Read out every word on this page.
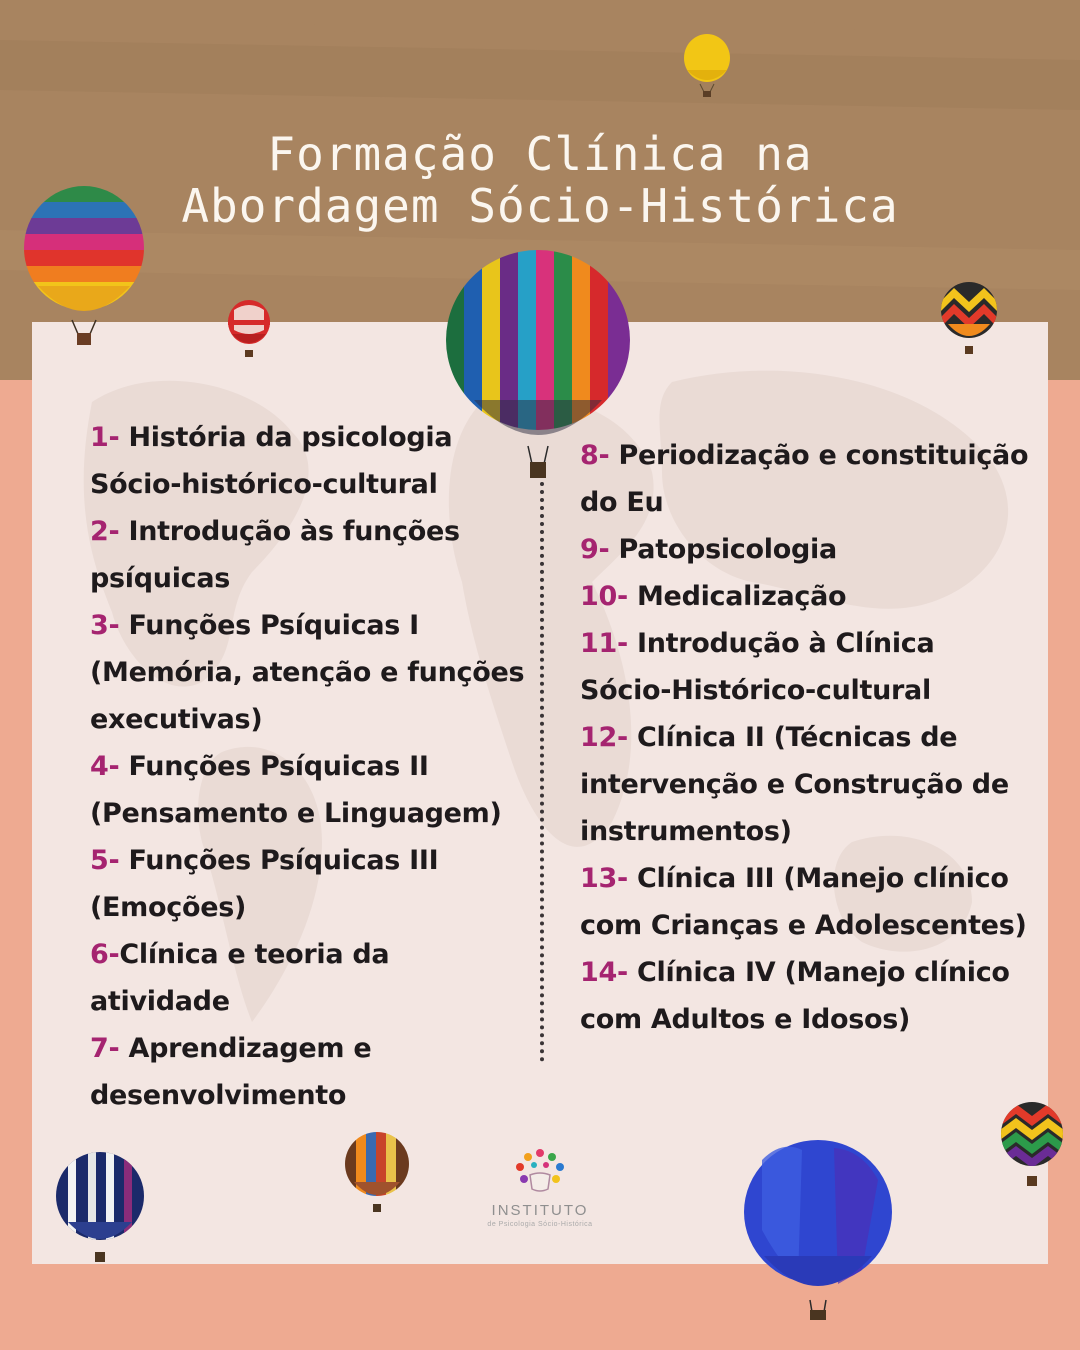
Formação Clínica na
Abordagem Sócio-Histórica

1- História da psicologia Sócio-histórico-cultural

2- Introdução às funções psíquicas

3- Funções Psíquicas I (Memória, atenção e funções executivas)

4- Funções Psíquicas II (Pensamento e Linguagem)

5- Funções Psíquicas III (Emoções)

6-Clínica e teoria da atividade

7- Aprendizagem e desenvolvimento

8- Periodização e constituição do Eu

9- Patopsicologia

10- Medicalização

11- Introdução à Clínica Sócio-Histórico-cultural

12- Clínica II (Técnicas de intervenção e Construção de instrumentos)

13- Clínica III (Manejo clínico com Crianças e Adolescentes)

14- Clínica IV (Manejo clínico com Adultos e Idosos)

INSTITUTO
de Psicologia Sócio-Histórica
